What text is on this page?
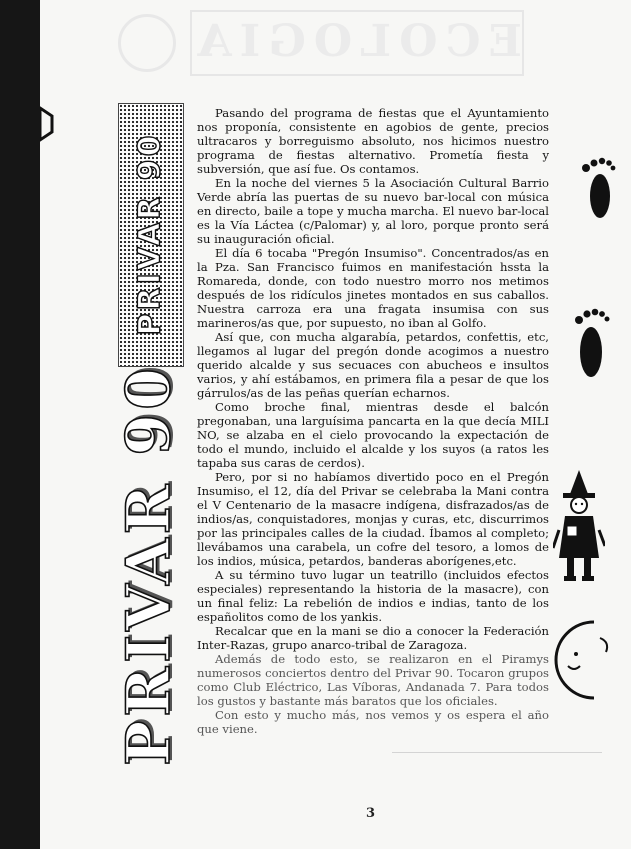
ECOLOGIA
PRIVAR 90
PRIVAR 90

Pasando del programa de fiestas que el Ayuntamiento nos proponía, consistente en agobios de gente, precios ultracaros y borreguismo absoluto, nos hicimos nuestro programa de fiestas alternativo. Prometía fiesta y subversión, que así fue. Os contamos.

En la noche del viernes 5 la Asociación Cultural Barrio Verde abría las puertas de su nuevo bar-local con música en directo, baile a tope y mucha marcha. El nuevo bar-local es la Vía Láctea (c/Palomar) y, al loro, porque pronto será su inauguración oficial.

El día 6 tocaba "Pregón Insumiso". Concentrados/as en la Pza. San Francisco fuimos en manifestación hssta la Romareda, donde, con todo nuestro morro nos metimos después de los ridículos jinetes montados en sus caballos. Nuestra carroza era una fragata insumisa con sus marineros/as que, por supuesto, no iban al Golfo.

Así que, con mucha algarabía, petardos, confettis, etc, llegamos al lugar del pregón donde acogimos a nuestro querido alcalde y sus secuaces con abucheos e insultos varios, y ahí estábamos, en primera fila a pesar de que los gárrulos/as de las peñas querían echarnos.

Como broche final, mientras desde el balcón pregonaban, una larguísima pancarta en la que decía MILI NO, se alzaba en el cielo provocando la expectación de todo el mundo, incluido el alcalde y los suyos (a ratos les tapaba sus caras de cerdos).

Pero, por si no habíamos divertido poco en el Pregón Insumiso, el 12, día del Privar se celebraba la Mani contra el V Centenario de la masacre indígena, disfrazados/as de indios/as, conquistadores, monjas y curas, etc, discurrimos por las principales calles de la ciudad. Íbamos al completo; llevábamos una carabela, un cofre del tesoro, a lomos de los indios, música, petardos, banderas aborígenes,etc.

A su término tuvo lugar un teatrillo (incluidos efectos especiales) representando la historia de la masacre), con un final feliz: La rebelión de indios e indias, tanto de los españolitos como de los yankis.

Recalcar que en la mani se dio a conocer la Federación Inter-Razas, grupo anarco-tribal de Zaragoza.

Además de todo esto, se realizaron en el Piramys numerosos conciertos dentro del Privar 90. Tocaron grupos como Club Eléctrico, Las Víboras, Andanada 7. Para todos los gustos y bastante más baratos que los oficiales.

Con esto y mucho más, nos vemos y os espera el año que viene.

3
